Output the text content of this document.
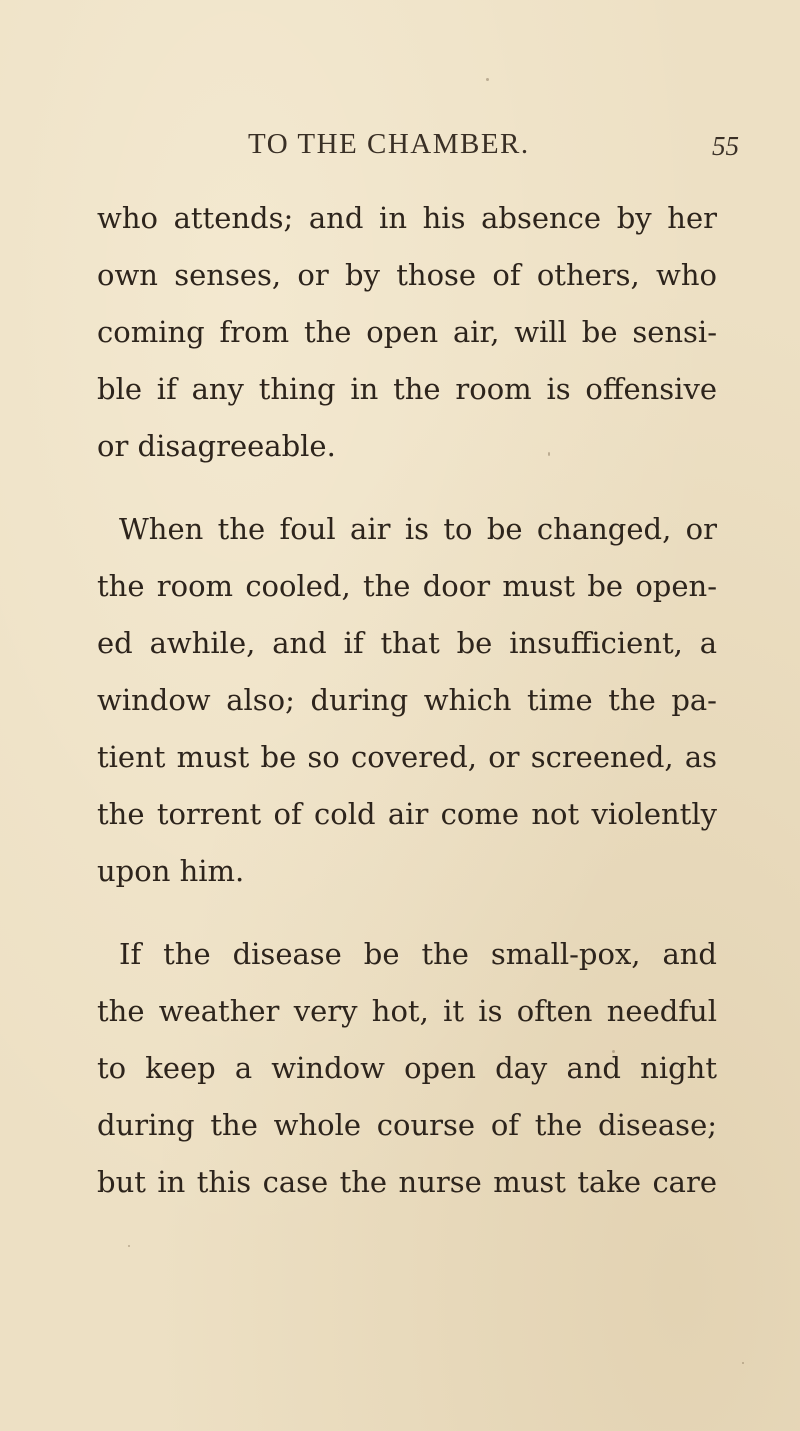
TO THE CHAMBER.	55

who attends; and in his absence by her
own senses, or by those of others, who
coming from the open air, will be sensi-
ble if any thing in the room is offensive
or disagreeable.

When the foul air is to be changed, or
the room cooled, the door must be open-
ed awhile, and if that be insufficient, a
window also; during which time the pa-
tient must be so covered, or screened, as
the torrent of cold air come not violently
upon him.

If the disease be the small-pox, and
the weather very hot, it is often needful
to keep a window open day and night
during the whole course of the disease;
but in this case the nurse must take care
